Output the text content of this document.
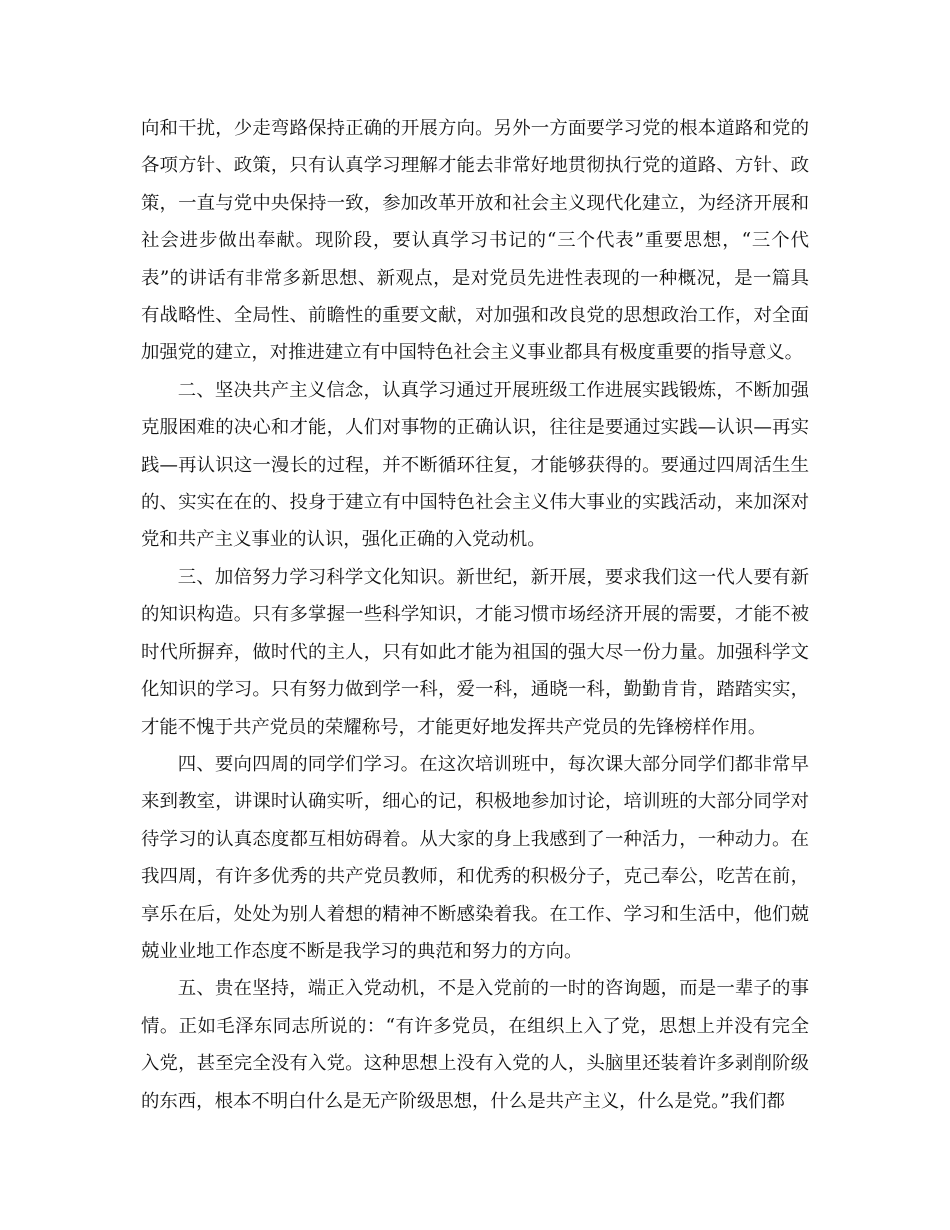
向和干扰，少走弯路保持正确的开展方向。另外一方面要学习党的根本道路和党的各项方针、政策，只有认真学习理解才能去非常好地贯彻执行党的道路、方针、政策，一直与党中央保持一致，参加改革开放和社会主义现代化建立，为经济开展和社会进步做出奉献。现阶段，要认真学习书记的“三个代表”重要思想，“三个代表”的讲话有非常多新思想、新观点，是对党员先进性表现的一种概况，是一篇具有战略性、全局性、前瞻性的重要文献，对加强和改良党的思想政治工作，对全面加强党的建立，对推进建立有中国特色社会主义事业都具有极度重要的指导意义。

二、坚决共产主义信念，认真学习通过开展班级工作进展实践锻炼，不断加强克服困难的决心和才能，人们对事物的正确认识，往往是要通过实践—认识—再实践—再认识这一漫长的过程，并不断循环往复，才能够获得的。要通过四周活生生的、实实在在的、投身于建立有中国特色社会主义伟大事业的实践活动，来加深对党和共产主义事业的认识，强化正确的入党动机。

三、加倍努力学习科学文化知识。新世纪，新开展，要求我们这一代人要有新的知识构造。只有多掌握一些科学知识，才能习惯市场经济开展的需要，才能不被时代所摒弃，做时代的主人，只有如此才能为祖国的强大尽一份力量。加强科学文化知识的学习。只有努力做到学一科，爱一科，通晓一科，勤勤肯肯，踏踏实实，才能不愧于共产党员的荣耀称号，才能更好地发挥共产党员的先锋榜样作用。

四、要向四周的同学们学习。在这次培训班中，每次课大部分同学们都非常早来到教室，讲课时认确实听，细心的记，积极地参加讨论，培训班的大部分同学对待学习的认真态度都互相妨碍着。从大家的身上我感到了一种活力，一种动力。在我四周，有许多优秀的共产党员教师，和优秀的积极分子，克己奉公，吃苦在前，享乐在后，处处为别人着想的精神不断感染着我。在工作、学习和生活中，他们兢兢业业地工作态度不断是我学习的典范和努力的方向。

五、贵在坚持，端正入党动机，不是入党前的一时的咨询题，而是一辈子的事情。正如毛泽东同志所说的：“有许多党员，在组织上入了党，思想上并没有完全入党，甚至完全没有入党。这种思想上没有入党的人，头脑里还装着许多剥削阶级的东西，根本不明白什么是无产阶级思想，什么是共产主义，什么是党。”我们都
